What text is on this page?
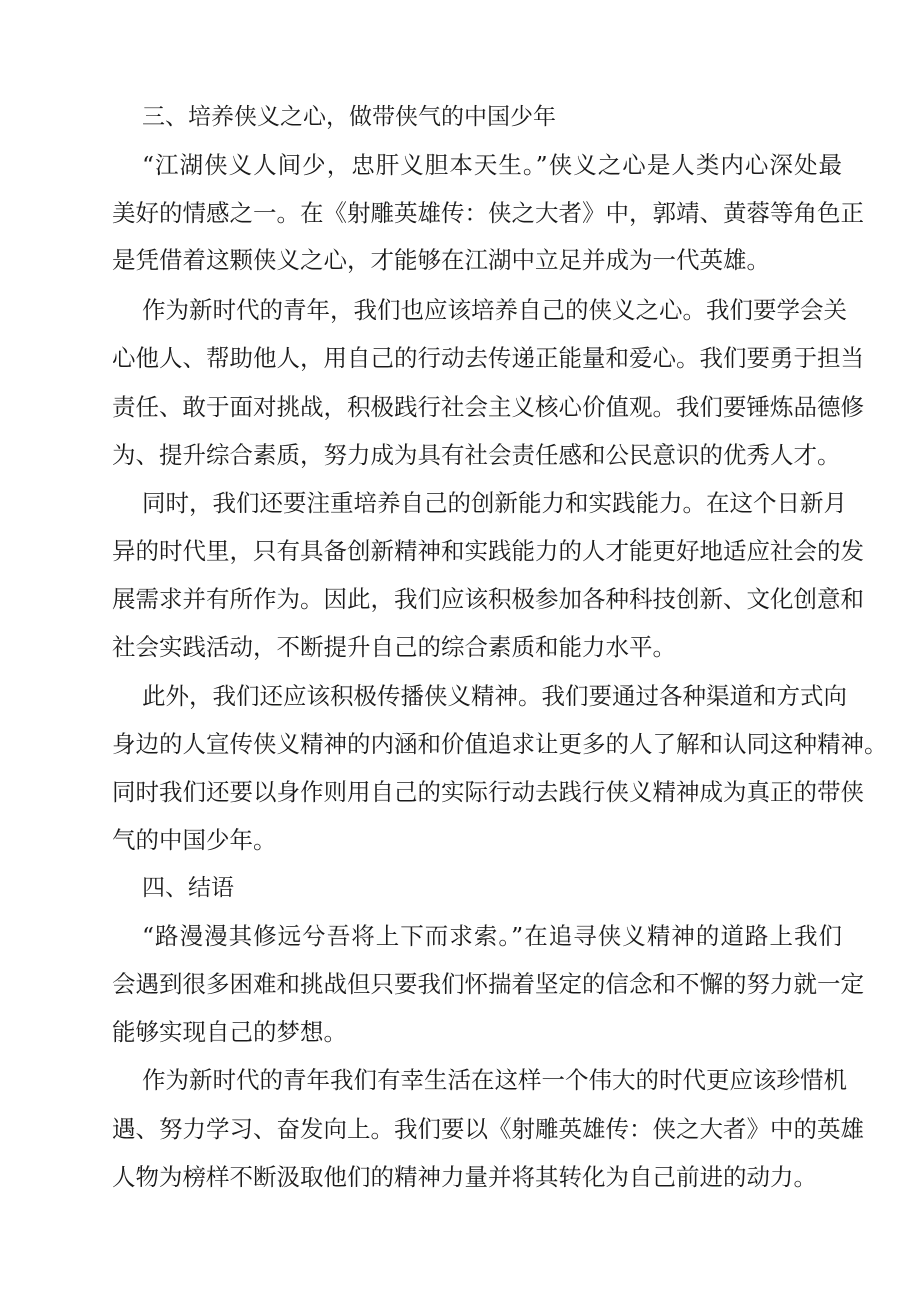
三、培养侠义之心，做带侠气的中国少年
“江湖侠义人间少，忠肝义胆本天生。”侠义之心是人类内心深处最
美好的情感之一。在《射雕英雄传：侠之大者》中，郭靖、黄蓉等角色正
是凭借着这颗侠义之心，才能够在江湖中立足并成为一代英雄。
作为新时代的青年，我们也应该培养自己的侠义之心。我们要学会关
心他人、帮助他人，用自己的行动去传递正能量和爱心。我们要勇于担当
责任、敢于面对挑战，积极践行社会主义核心价值观。我们要锤炼品德修
为、提升综合素质，努力成为具有社会责任感和公民意识的优秀人才。
同时，我们还要注重培养自己的创新能力和实践能力。在这个日新月
异的时代里，只有具备创新精神和实践能力的人才能更好地适应社会的发
展需求并有所作为。因此，我们应该积极参加各种科技创新、文化创意和
社会实践活动，不断提升自己的综合素质和能力水平。
此外，我们还应该积极传播侠义精神。我们要通过各种渠道和方式向
身边的人宣传侠义精神的内涵和价值追求让更多的人了解和认同这种精神。
同时我们还要以身作则用自己的实际行动去践行侠义精神成为真正的带侠
气的中国少年。
四、结语
“路漫漫其修远兮吾将上下而求索。”在追寻侠义精神的道路上我们
会遇到很多困难和挑战但只要我们怀揣着坚定的信念和不懈的努力就一定
能够实现自己的梦想。
作为新时代的青年我们有幸生活在这样一个伟大的时代更应该珍惜机
遇、努力学习、奋发向上。我们要以《射雕英雄传：侠之大者》中的英雄
人物为榜样不断汲取他们的精神力量并将其转化为自己前进的动力。
